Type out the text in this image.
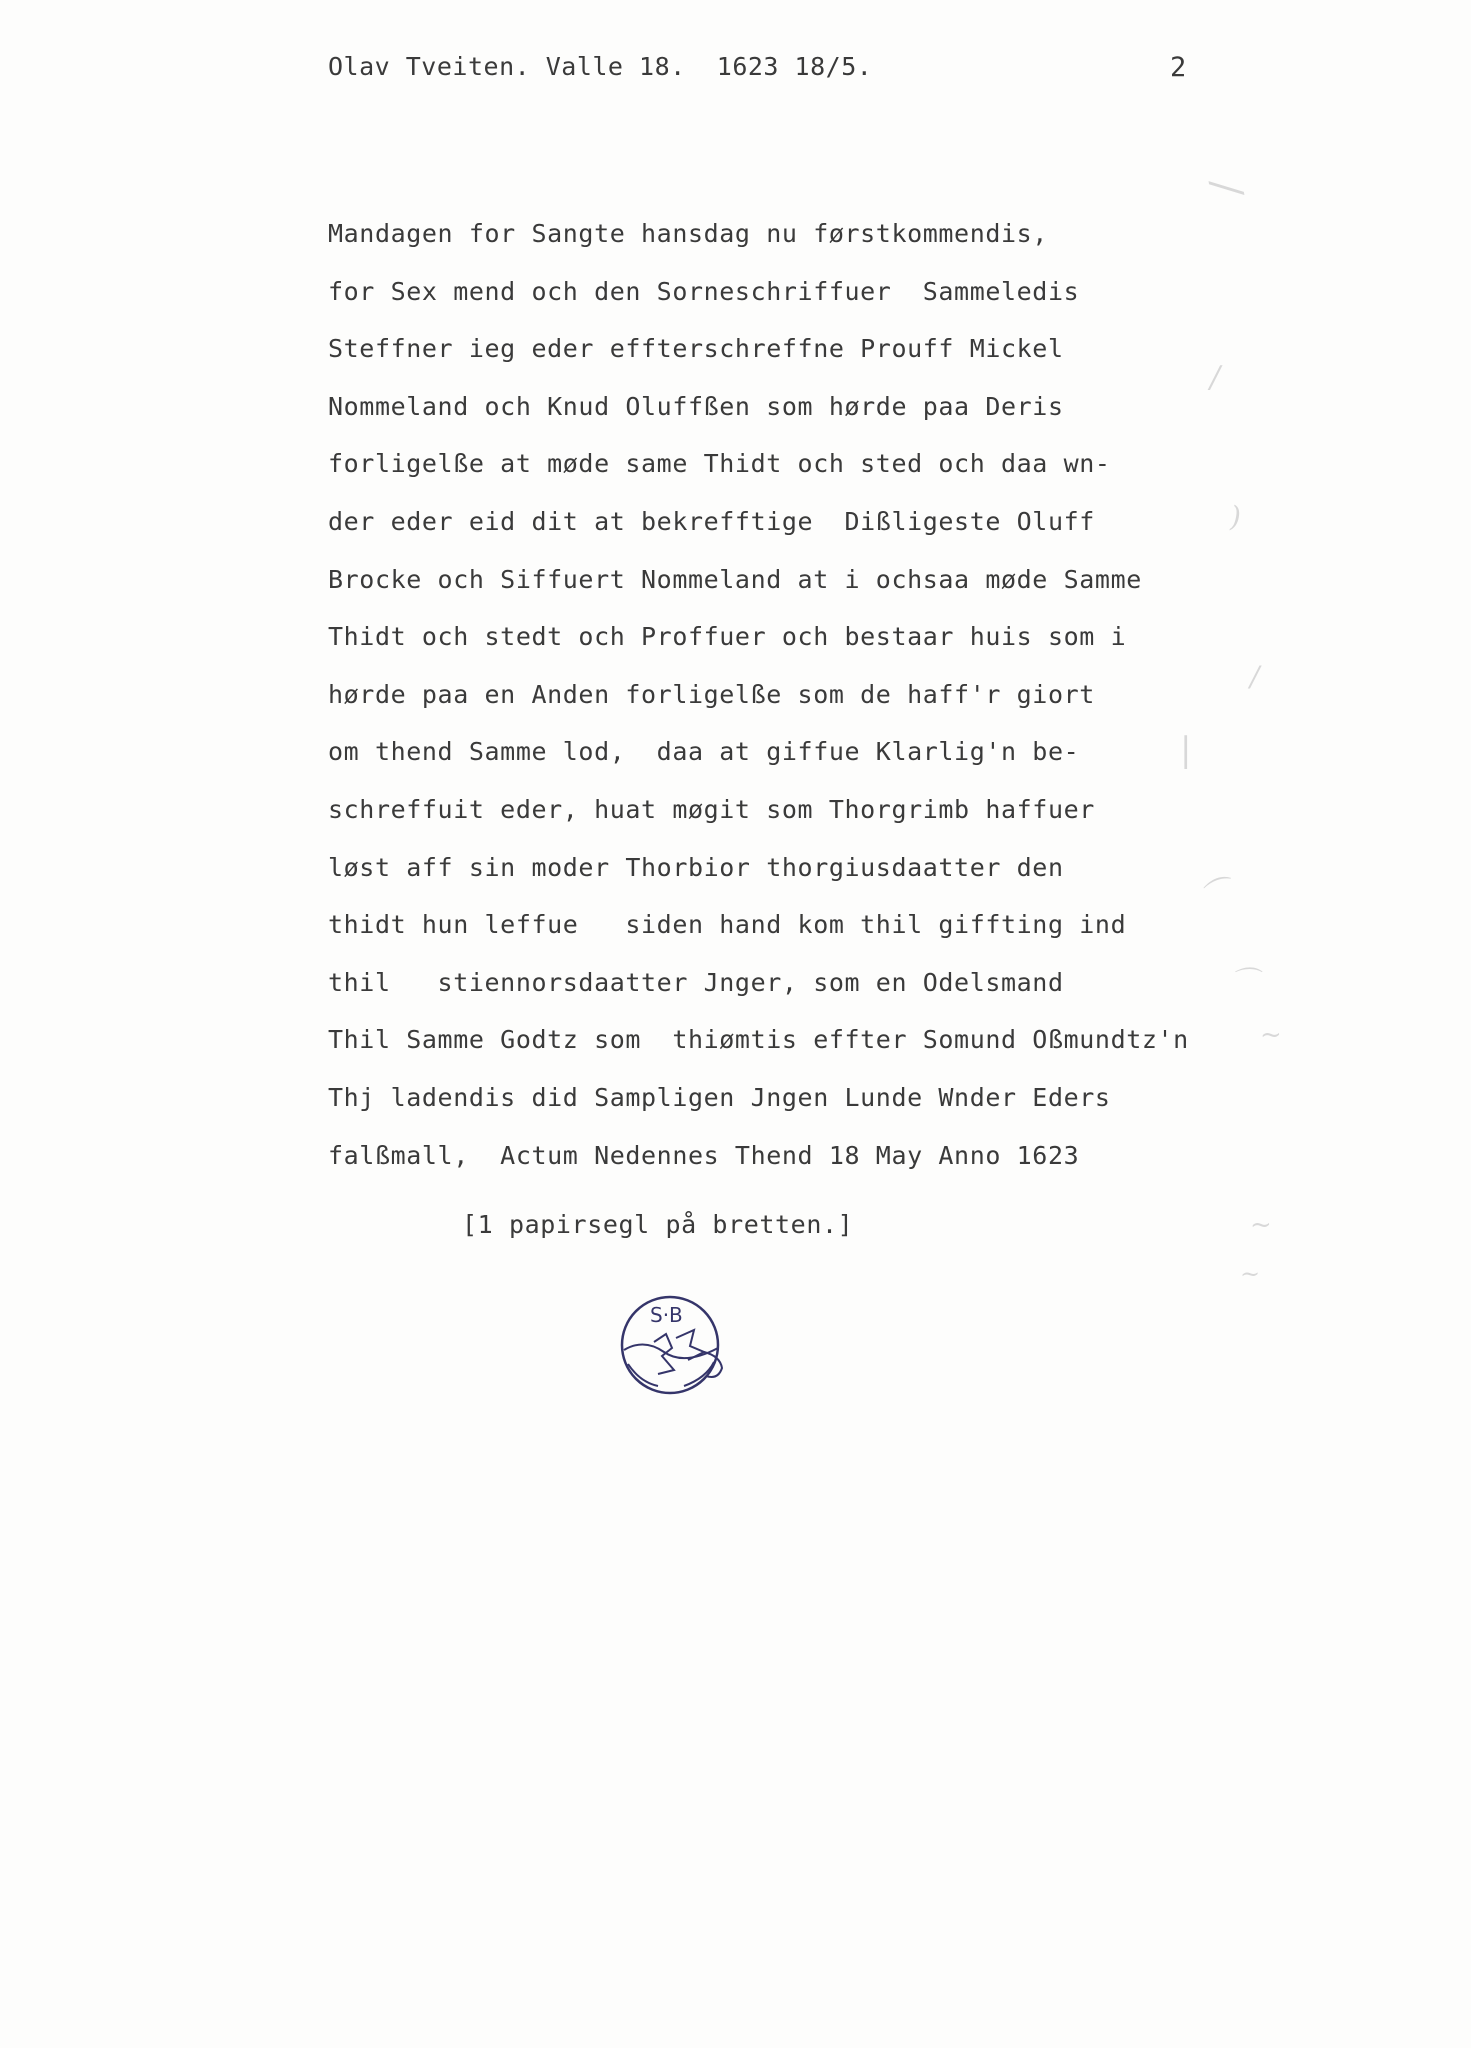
Olav Tveiten. Valle 18.  1623 18/5.	2
Mandagen for Sangte hansdag nu førstkommendis,
for Sex mend och den Sorneschriffuer  Sammeledis
Steffner ieg eder effterschreffne Prouff Mickel
Nommeland och Knud Oluffßen som hørde paa Deris
forligelße at møde same Thidt och sted och daa wn-
der eder eid dit at bekrefftige  Dißligeste Oluff
Brocke och Siffuert Nommeland at i ochsaa møde Samme
Thidt och stedt och Proffuer och bestaar huis som i
hørde paa en Anden forligelße som de haff'r giort
om thend Samme lod,  daa at giffue Klarlig'n be-
schreffuit eder, huat møgit som Thorgrimb haffuer
løst aff sin moder Thorbior thorgiusdaatter den
thidt hun leffue   siden hand kom thil giffting ind
thil   stiennorsdaatter Jnger, som en Odelsmand
Thil Samme Godtz som  thiømtis effter Somund Oßmundtz'n
Thj ladendis did Sampligen Jngen Lunde Wnder Eders
falßmall,  Actum Nedennes Thend 18 May Anno 1623
[1 papirsegl på bretten.]
S·B
/
/
)
/
|
⌒
⌒
~
~
~
